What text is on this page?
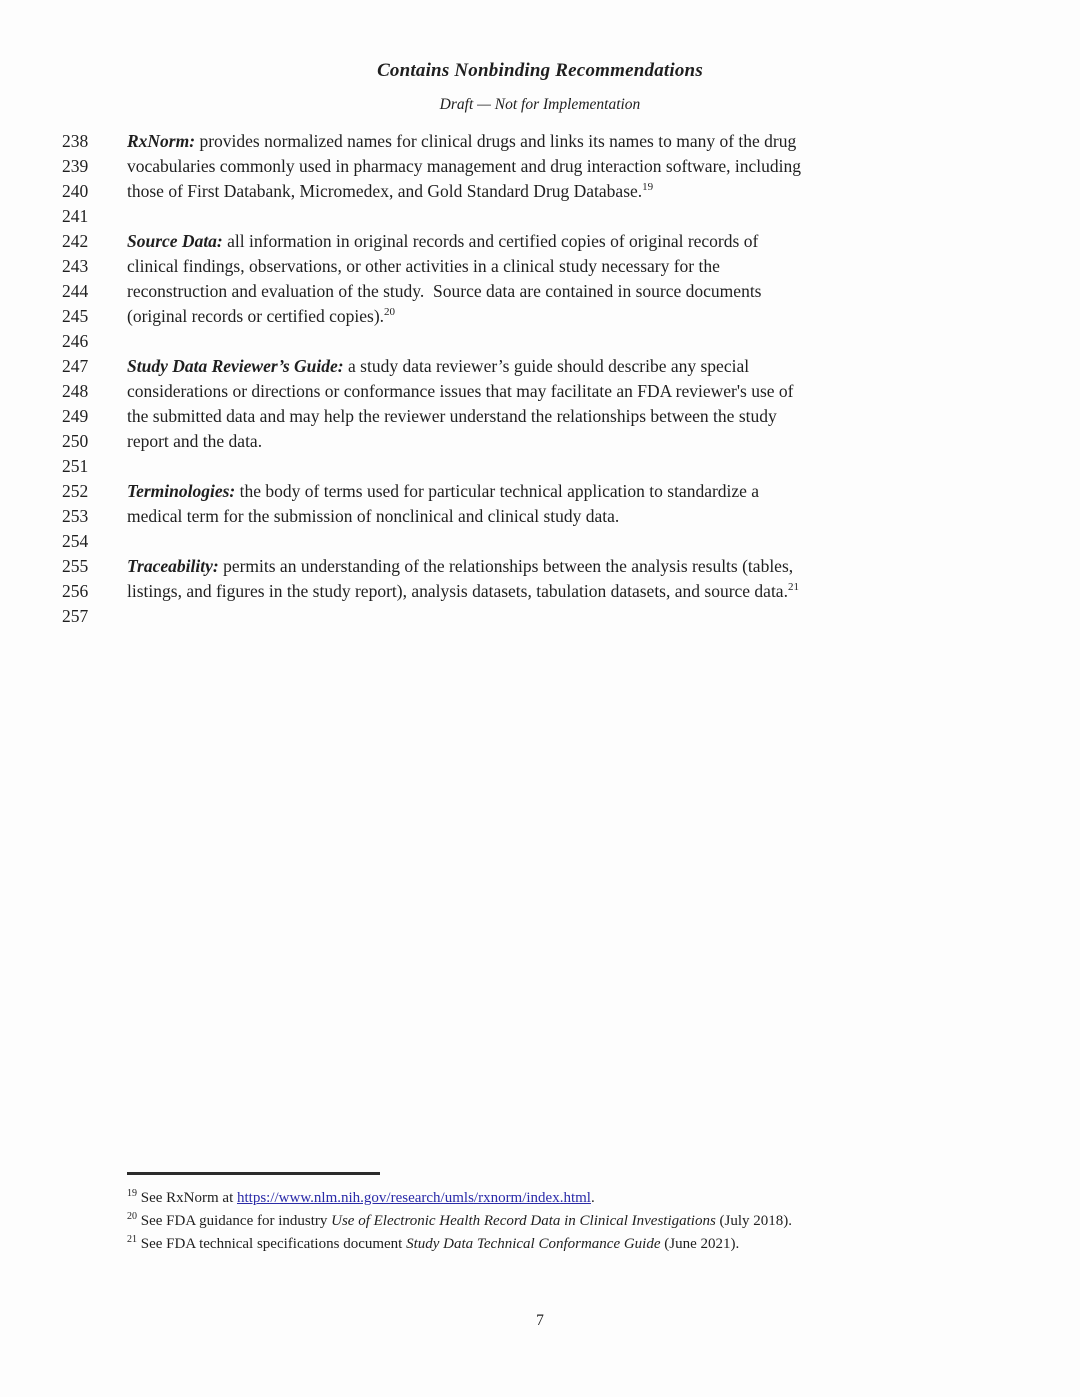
Contains Nonbinding Recommendations
Draft — Not for Implementation
238	RxNorm: provides normalized names for clinical drugs and links its names to many of the drug
239	vocabularies commonly used in pharmacy management and drug interaction software, including
240	those of First Databank, Micromedex, and Gold Standard Drug Database.$^{19}$
241
242	Source Data: all information in original records and certified copies of original records of
243	clinical findings, observations, or other activities in a clinical study necessary for the
244	reconstruction and evaluation of the study.  Source data are contained in source documents
245	(original records or certified copies).$^{20}$
246
247	Study Data Reviewer’s Guide: a study data reviewer’s guide should describe any special
248	considerations or directions or conformance issues that may facilitate an FDA reviewer's use of
249	the submitted data and may help the reviewer understand the relationships between the study
250	report and the data.
251
252	Terminologies: the body of terms used for particular technical application to standardize a
253	medical term for the submission of nonclinical and clinical study data.
254
255	Traceability: permits an understanding of the relationships between the analysis results (tables,
256	listings, and figures in the study report), analysis datasets, tabulation datasets, and source data.$^{21}$
257
$^{19}$ See RxNorm at https://www.nlm.nih.gov/research/umls/rxnorm/index.html.
$^{20}$ See FDA guidance for industry Use of Electronic Health Record Data in Clinical Investigations (July 2018).
$^{21}$ See FDA technical specifications document Study Data Technical Conformance Guide (June 2021).
7
